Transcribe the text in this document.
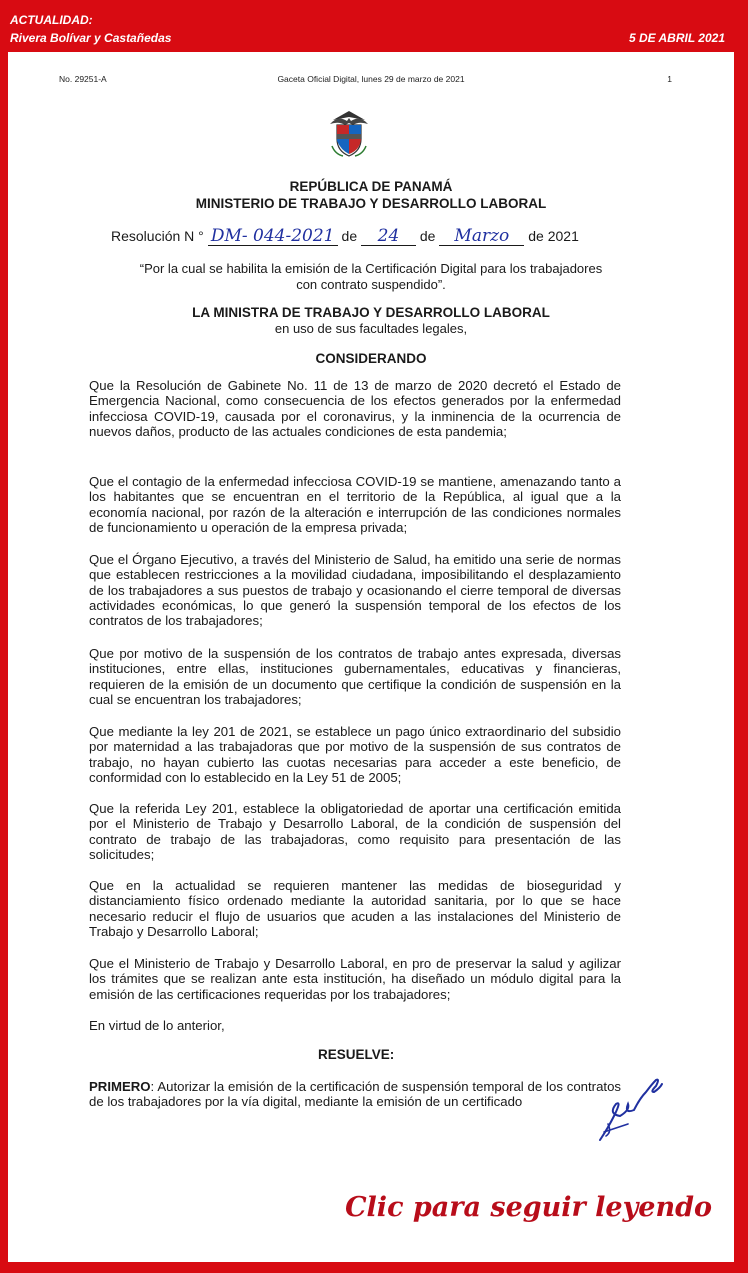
ACTUALIDAD:
Rivera Bolívar y Castañedas	5 DE ABRIL 2021
No. 29251-A	Gaceta Oficial Digital, lunes 29 de marzo de 2021	1
REPÚBLICA DE PANAMÁ
MINISTERIO DE TRABAJO Y DESARROLLO LABORAL
Resolución N ° DM- 044-2021 de 24 de Marzo de 2021
“Por la cual se habilita la emisión de la Certificación Digital para los trabajadores
con contrato suspendido”.
LA MINISTRA DE TRABAJO Y DESARROLLO LABORAL
en uso de sus facultades legales,
CONSIDERANDO
Que la Resolución de Gabinete No. 11 de 13 de marzo de 2020 decretó el Estado de Emergencia Nacional, como consecuencia de los efectos generados por la enfermedad infecciosa COVID-19, causada por el coronavirus, y la inminencia de la ocurrencia de nuevos daños, producto de las actuales condiciones de esta pandemia;
Que el contagio de la enfermedad infecciosa COVID-19 se mantiene, amenazando tanto a los habitantes que se encuentran en el territorio de la República, al igual que a la economía nacional, por razón de la alteración e interrupción de las condiciones normales de funcionamiento u operación de la empresa privada;
Que el Órgano Ejecutivo, a través del Ministerio de Salud, ha emitido una serie de normas que establecen restricciones a la movilidad ciudadana, imposibilitando el desplazamiento de los trabajadores a sus puestos de trabajo y ocasionando el cierre temporal de diversas actividades económicas, lo que generó la suspensión temporal de los efectos de los contratos de los trabajadores;
Que por motivo de la suspensión de los contratos de trabajo antes expresada, diversas instituciones, entre ellas, instituciones gubernamentales, educativas y financieras, requieren de la emisión de un documento que certifique la condición de suspensión en la cual se encuentran los trabajadores;
Que mediante la ley 201 de 2021, se establece un pago único extraordinario del subsidio por maternidad a las trabajadoras que por motivo de la suspensión de sus contratos de trabajo, no hayan cubierto las cuotas necesarias para acceder a este beneficio, de conformidad con lo establecido en la Ley 51 de 2005;
Que la referida Ley 201, establece la obligatoriedad de aportar una certificación emitida por el Ministerio de Trabajo y Desarrollo Laboral, de la condición de suspensión del contrato de trabajo de las trabajadoras, como requisito para presentación de las solicitudes;
Que en la actualidad se requieren mantener las medidas de bioseguridad y distanciamiento físico ordenado mediante la autoridad sanitaria, por lo que se hace necesario reducir el flujo de usuarios que acuden a las instalaciones del Ministerio de Trabajo y Desarrollo Laboral;
Que el Ministerio de Trabajo y Desarrollo Laboral, en pro de preservar la salud y agilizar los trámites que se realizan ante esta institución, ha diseñado un módulo digital para la emisión de las certificaciones requeridas por los trabajadores;
En virtud de lo anterior,
RESUELVE:
PRIMERO: Autorizar la emisión de la certificación de suspensión temporal de los contratos de los trabajadores por la vía digital, mediante la emisión de un certificado
Clic para seguir leyendo
